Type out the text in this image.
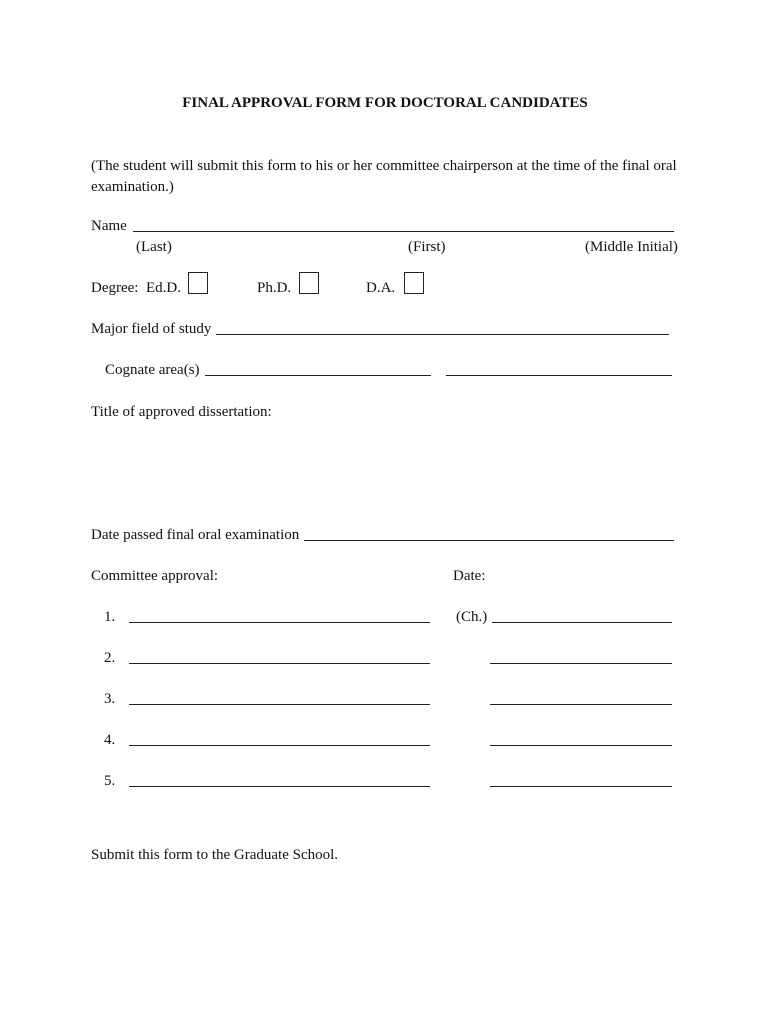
FINAL APPROVAL FORM FOR DOCTORAL CANDIDATES
(The student will submit this form to his or her committee chairperson at the time of the final oral examination.)
Name
(Last)	(First)	(Middle Initial)
Degree: Ed.D.	Ph.D.	D.A.
Major field of study
Cognate area(s)
Title of approved dissertation:
Date passed final oral examination
Committee approval:	Date:
1.	(Ch.)
2.
3.
4.
5.
Submit this form to the Graduate School.
